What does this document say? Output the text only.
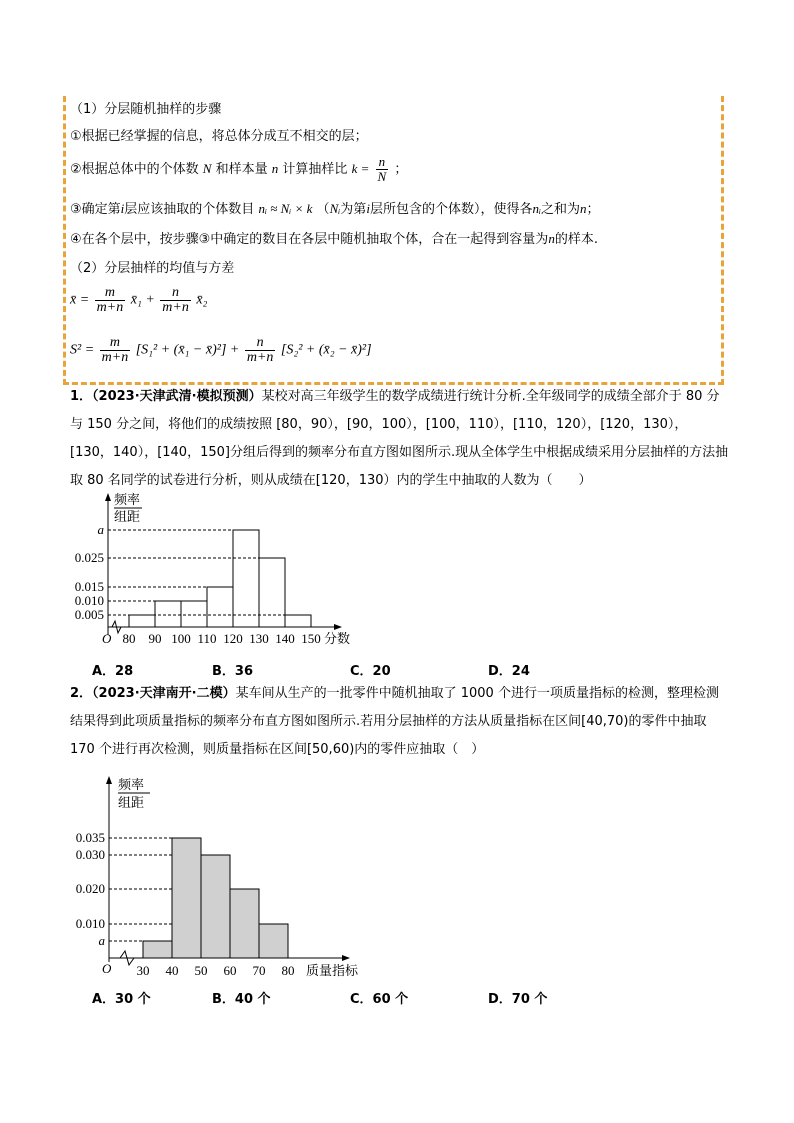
（1）分层随机抽样的步骤
①根据已经掌握的信息，将总体分成互不相交的层；
②根据总体中的个体数 N 和样本量 n 计算抽样比 $k = \frac{n}{N}$ ；
③确定第i层应该抽取的个体数目 nᵢ ≈ Nᵢ × k （Nᵢ为第i层所包含的个体数），使得各nᵢ之和为n；
④在各个层中，按步骤③中确定的数目在各层中随机抽取个体，合在一起得到容量为n的样本.
（2）分层抽样的均值与方差
x̄ = $\frac{m}{m+n}$ x̄₁ + $\frac{n}{m+n}$ x̄₂
$S^2 = \frac{m}{m+n} [S_1^2$ + (x̄₁ − x̄)²] + $\frac{n}{m+n} [S_2^2$ + (x̄₂ − x̄)²]
1．（2023·天津武清·模拟预测）某校对高三年级学生的数学成绩进行统计分析.全年级同学的成绩全部介于 80 分与 150 分之间，将他们的成绩按照 [80，90），[90，100），[100，110），[110，120），[120，130），[130，140），[140，150]分组后得到的频率分布直方图如图所示.现从全体学生中根据成绩采用分层抽样的方法抽取 80 名同学的试卷进行分析，则从成绩在[120，130）内的学生中抽取的人数为（　　）
频率
组距
a
0.025
0.015
0.010
0.005
O 80 90 100 110 120 130 140 150 分数
A．28	B．36	C．20	D．24
2．（2023·天津南开·二模）某车间从生产的一批零件中随机抽取了 1000 个进行一项质量指标的检测，整理检测结果得到此项质量指标的频率分布直方图如图所示.若用分层抽样的方法从质量指标在区间[40,70)的零件中抽取 170 个进行再次检测，则质量指标在区间[50,60)内的零件应抽取（　）
频率
组距
0.035
0.030
0.020
0.010
a
O 30 40 50 60 70 80 质量指标
A．30 个	B．40 个	C．60 个	D．70 个
